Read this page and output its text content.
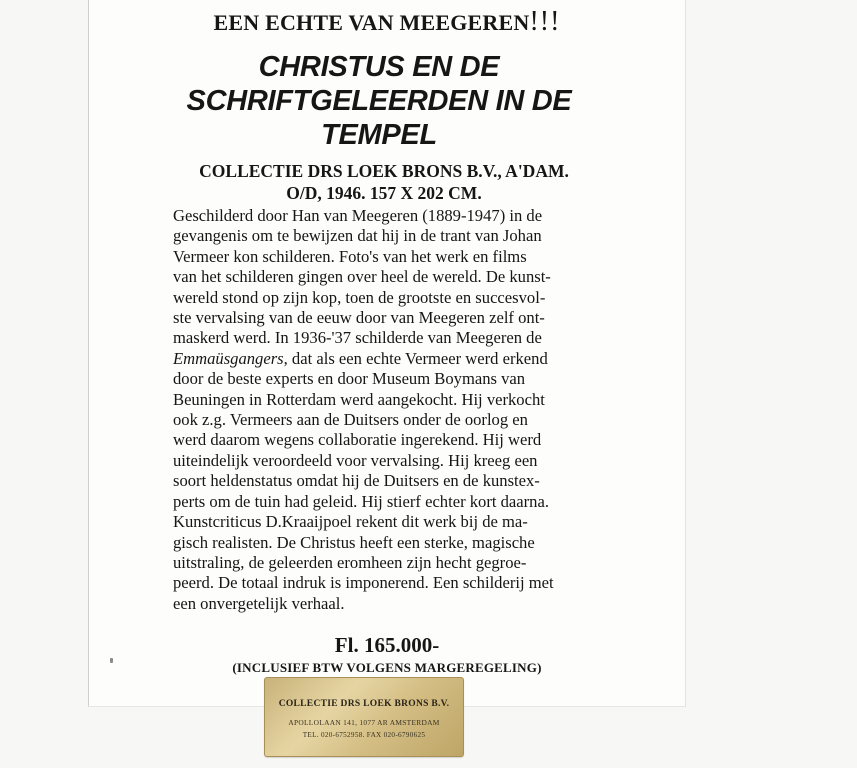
EEN ECHTE VAN MEEGEREN!!!
CHRISTUS EN DE
SCHRIFTGELEERDEN IN DE
TEMPEL
COLLECTIE DRS LOEK BRONS B.V., A'DAM.
O/D, 1946. 157 X 202 CM.

Geschilderd door Han van Meegeren (1889-1947) in de

gevangenis om te bewijzen dat hij in de trant van Johan

Vermeer kon schilderen. Foto's van het werk en films

van het schilderen gingen over heel de wereld. De kunst-

wereld stond op zijn kop, toen de grootste en succesvol-

ste vervalsing van de eeuw door van Meegeren zelf ont-

maskerd werd. In 1936-'37 schilderde van Meegeren de

Emmaüsgangers, dat als een echte Vermeer werd erkend

door de beste experts en door Museum Boymans van

Beuningen in Rotterdam werd aangekocht. Hij verkocht

ook z.g. Vermeers aan de Duitsers onder de oorlog en

werd daarom wegens collaboratie ingerekend. Hij werd

uiteindelijk veroordeeld voor vervalsing. Hij kreeg een

soort heldenstatus omdat hij de Duitsers en de kunstex-

perts om de tuin had geleid. Hij stierf echter kort daarna.

Kunstcriticus D.Kraaijpoel rekent dit werk bij de ma-

gisch realisten. De Christus heeft een sterke, magische

uitstraling, de geleerden eromheen zijn hecht gegroe-

peerd. De totaal indruk is imponerend. Een schilderij met

een onvergetelijk verhaal.

Fl. 165.000-
(INCLUSIEF BTW VOLGENS MARGEREGELING)
COLLECTIE DRS LOEK BRONS B.V.
APOLLOLAAN 141, 1077 AR AMSTERDAM
TEL. 020-6752958. FAX 020-6790625
